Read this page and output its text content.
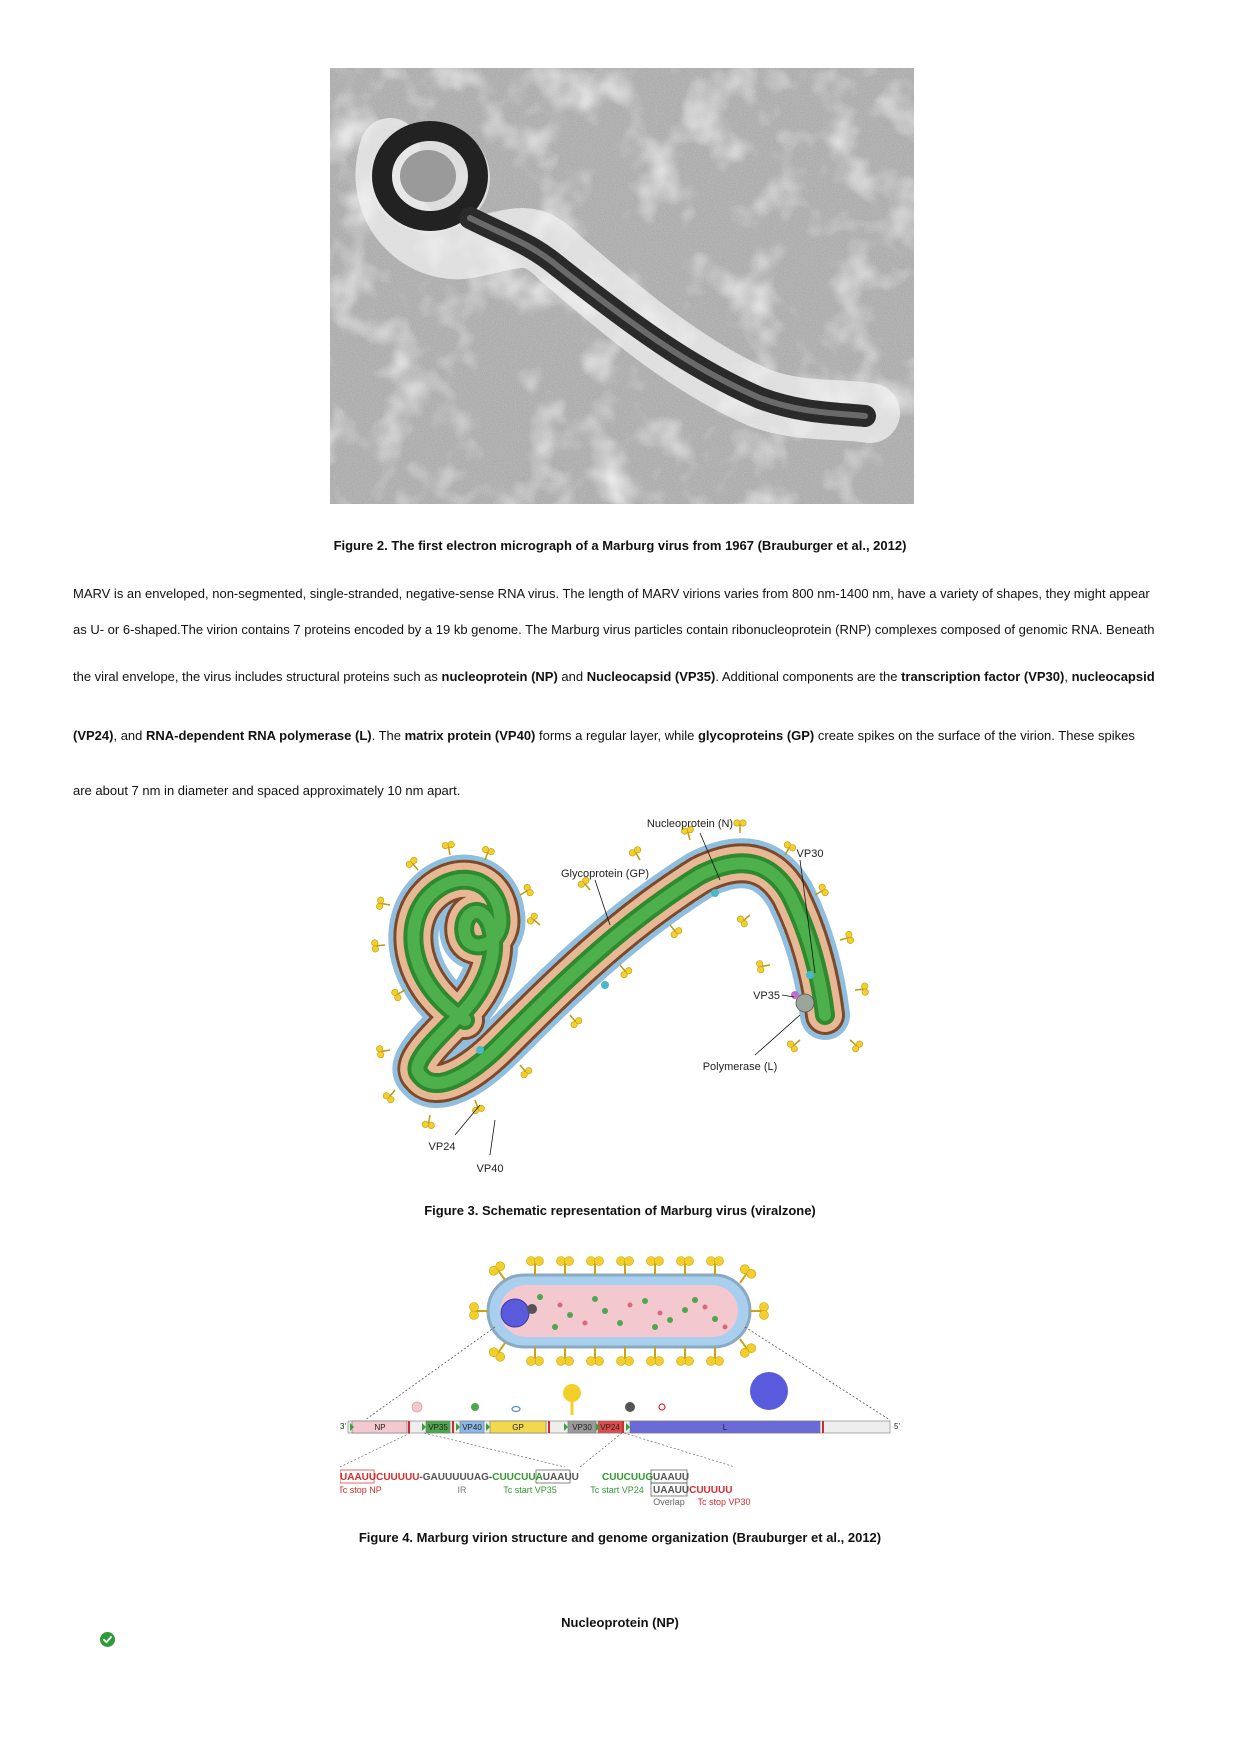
Figure 2. The first electron micrograph of a Marburg virus from 1967 (Brauburger et al., 2012)
MARV is an enveloped, non-segmented, single-stranded, negative-sense RNA virus. The length of MARV virions varies from 800 nm-1400 nm, have a variety of shapes, they might appear
as U- or 6-shaped.The virion contains 7 proteins encoded by a 19 kb genome. The Marburg virus particles contain ribonucleoprotein (RNP) complexes composed of genomic RNA. Beneath
the viral envelope, the virus includes structural proteins such as nucleoprotein (NP) and Nucleocapsid (VP35). Additional components are the transcription factor (VP30), nucleocapsid
(VP24), and RNA-dependent RNA polymerase (L). The matrix protein (VP40) forms a regular layer, while glycoproteins (GP) create spikes on the surface of the virion. These spikes
are about 7 nm in diameter and spaced approximately 10 nm apart.
Nucleoprotein (N)
Glycoprotein (GP)
VP30
VP35
Polymerase (L)
VP24
VP40
Figure 3. Schematic representation of Marburg virus (viralzone)
3'	NP	VP35 VP40	GP	VP30 VP24	L	5'
UAAUUCUUUUU-GAUUUUUAG-CUUCUUAUAAUU
Tc stop NP	IR	Tc start VP35
CUUCUUG UAAUU
UAAUUCUUUUU
Tc start VP24
Overlap Tc stop VP30
Figure 4. Marburg virion structure and genome organization (Brauburger et al., 2012)
Nucleoprotein (NP)
